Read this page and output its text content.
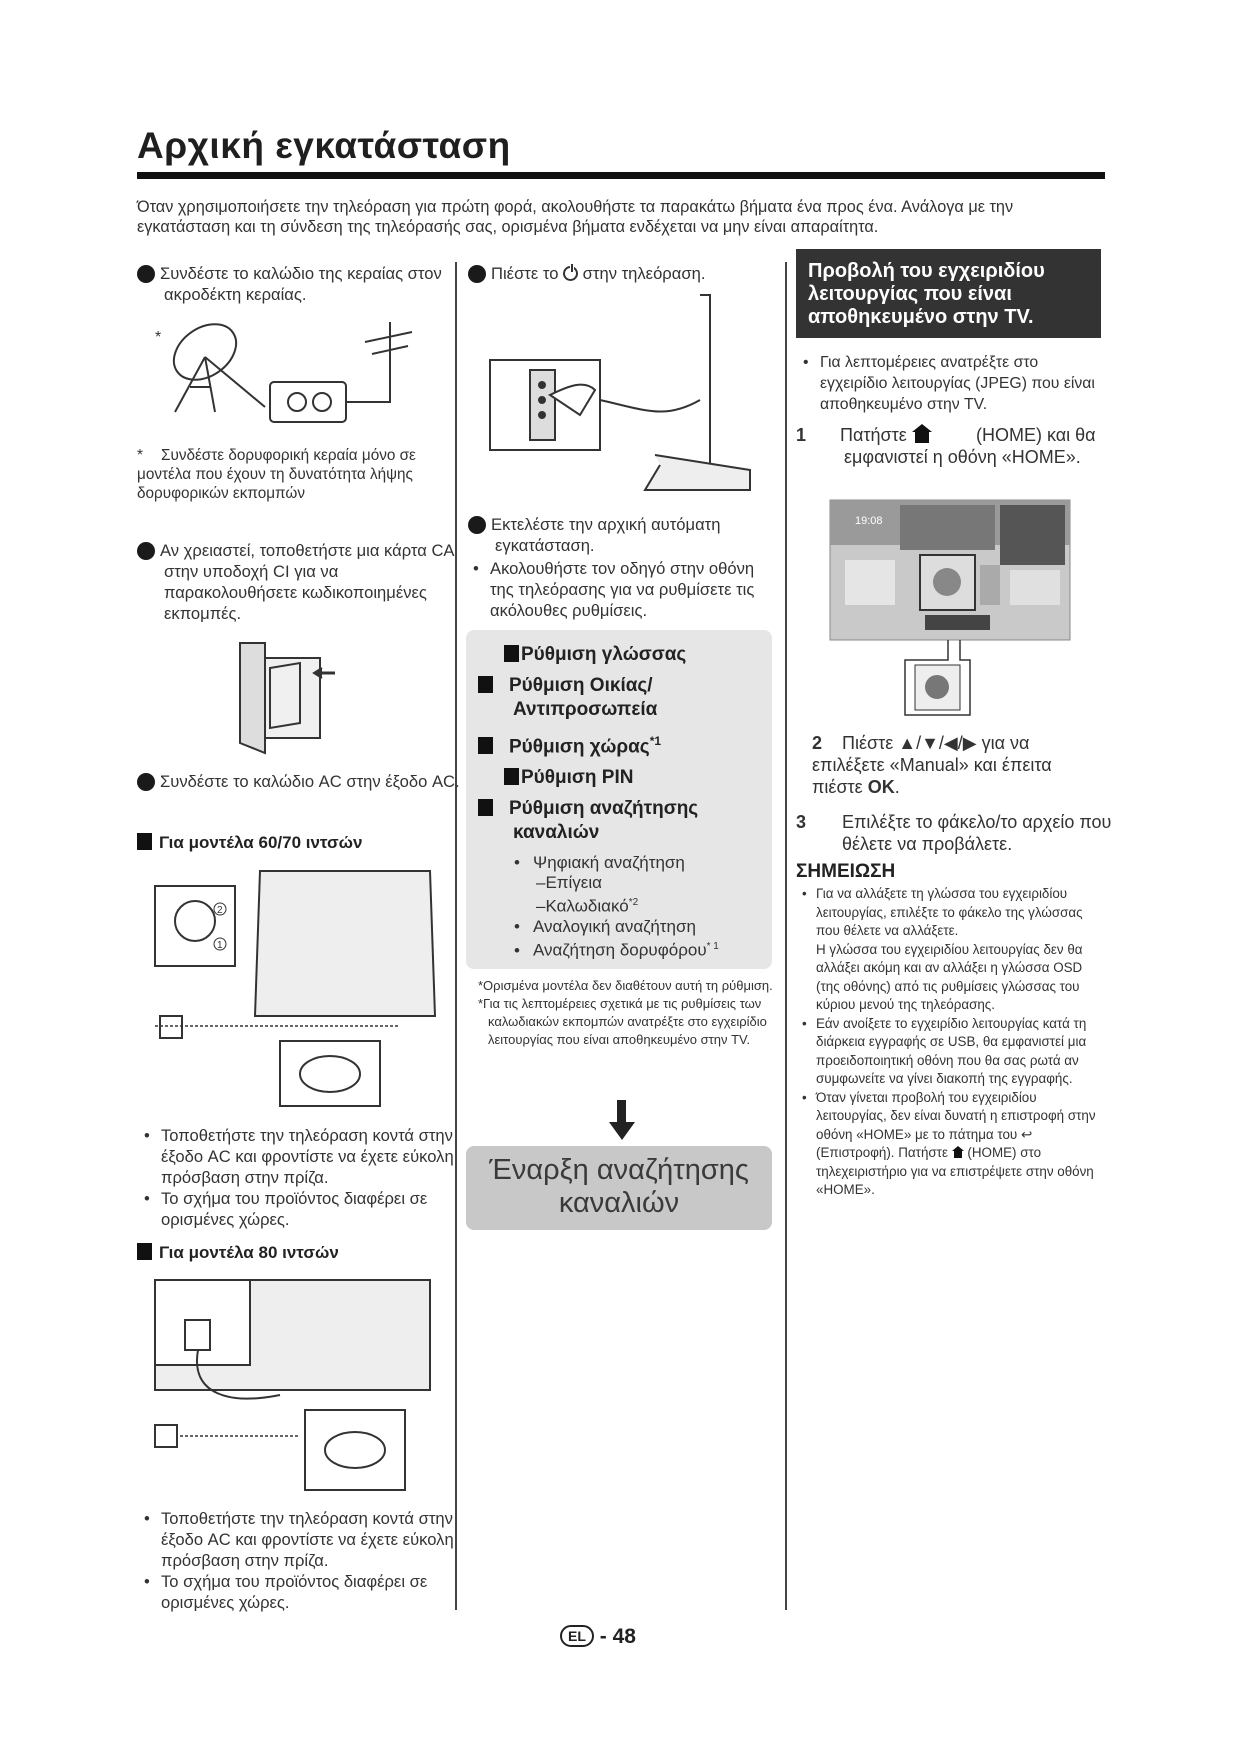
Αρχική εγκατάσταση
Όταν χρησιμοποιήσετε την τηλεόραση για πρώτη φορά, ακολουθήστε τα παρακάτω βήματα ένα προς ένα. Ανάλογα με την εγκατάσταση και τη σύνδεση της τηλεόρασής σας, ορισμένα βήματα ενδέχεται να μην είναι απαραίτητα.
1 Συνδέστε το καλώδιο της κεραίας στον ακροδέκτη κεραίας.
*
* Συνδέστε δορυφορική κεραία μόνο σε μοντέλα που έχουν τη δυνατότητα λήψης δορυφορικών εκπομπών
2 Αν χρειαστεί, τοποθετήστε μια κάρτα CA στην υποδοχή CI για να παρακολουθήσετε κωδικοποιημένες εκπομπές.
3 Συνδέστε το καλώδιο AC στην έξοδο AC.
Για μοντέλα 60/70 ιντσών
2
1
• Τοποθετήστε την τηλεόραση κοντά στην έξοδο AC και φροντίστε να έχετε εύκολη πρόσβαση στην πρίζα.
• Το σχήμα του προϊόντος διαφέρει σε ορισμένες χώρες.
Για μοντέλα 80 ιντσών
• Τοποθετήστε την τηλεόραση κοντά στην έξοδο AC και φροντίστε να έχετε εύκολη πρόσβαση στην πρίζα.
• Το σχήμα του προϊόντος διαφέρει σε ορισμένες χώρες.
4 Πιέστε το στην τηλεόραση.
5 Εκτελέστε την αρχική αυτόματη εγκατάσταση.
• Ακολουθήστε τον οδηγό στην οθόνη της τηλεόρασης για να ρυθμίσετε τις ακόλουθες ρυθμίσεις.
Ρύθμιση γλώσσας
Ρύθμιση Οικίας/ Αντιπροσωπεία
Ρύθμιση χώρας$^{*1}$
Ρύθμιση PIN
Ρύθμιση αναζήτησης καναλιών
• Ψηφιακή αναζήτηση
–Επίγεια
–Καλωδιακό$^{*2}$
• Αναλογική αναζήτηση
• Αναζήτηση δορυφόρου$^{* 1}$
*Ορισμένα μοντέλα δεν διαθέτουν αυτή τη ρύθμιση.
*Για τις λεπτομέρειες σχετικά με τις ρυθμίσεις των καλωδιακών εκπομπών ανατρέξτε στο εγχειρίδιο λειτουργίας που είναι αποθηκευμένο στην TV.
Έναρξη αναζήτησης καναλιών
Προβολή του εγχειριδίου λειτουργίας που είναι αποθηκευμένο στην TV.
• Για λεπτομέρειες ανατρέξτε στο εγχειρίδιο λειτουργίας (JPEG) που είναι αποθηκευμένο στην TV.
1 Πατήστε	(HOME) και θα εμφανιστεί η οθόνη «HOME».
19:08
2 Πιέστε ▲/▼/◀/▶ για να επιλέξετε «Manual» και έπειτα πιέστε OK.
3 Επιλέξτε το φάκελο/το αρχείο που θέλετε να προβάλετε.
ΣΗΜΕΙΩΣΗ
• Για να αλλάξετε τη γλώσσα του εγχειριδίου λειτουργίας, επιλέξτε το φάκελο της γλώσσας που θέλετε να αλλάξετε.
Η γλώσσα του εγχειριδίου λειτουργίας δεν θα αλλάξει ακόμη και αν αλλάξει η γλώσσα OSD (της οθόνης) από τις ρυθμίσεις γλώσσας του κύριου μενού της τηλεόρασης.
• Εάν ανοίξετε το εγχειρίδιο λειτουργίας κατά τη διάρκεια εγγραφής σε USB, θα εμφανιστεί μια προειδοποιητική οθόνη που θα σας ρωτά αν συμφωνείτε να γίνει διακοπή της εγγραφής.
• Όταν γίνεται προβολή του εγχειριδίου λειτουργίας, δεν είναι δυνατή η επιστροφή στην οθόνη «HOME» με το πάτημα του ↩ (Επιστροφή). Πατήστε (HOME) στο τηλεχειριστήριο για να επιστρέψετε στην οθόνη «HOME».
EL - 48
